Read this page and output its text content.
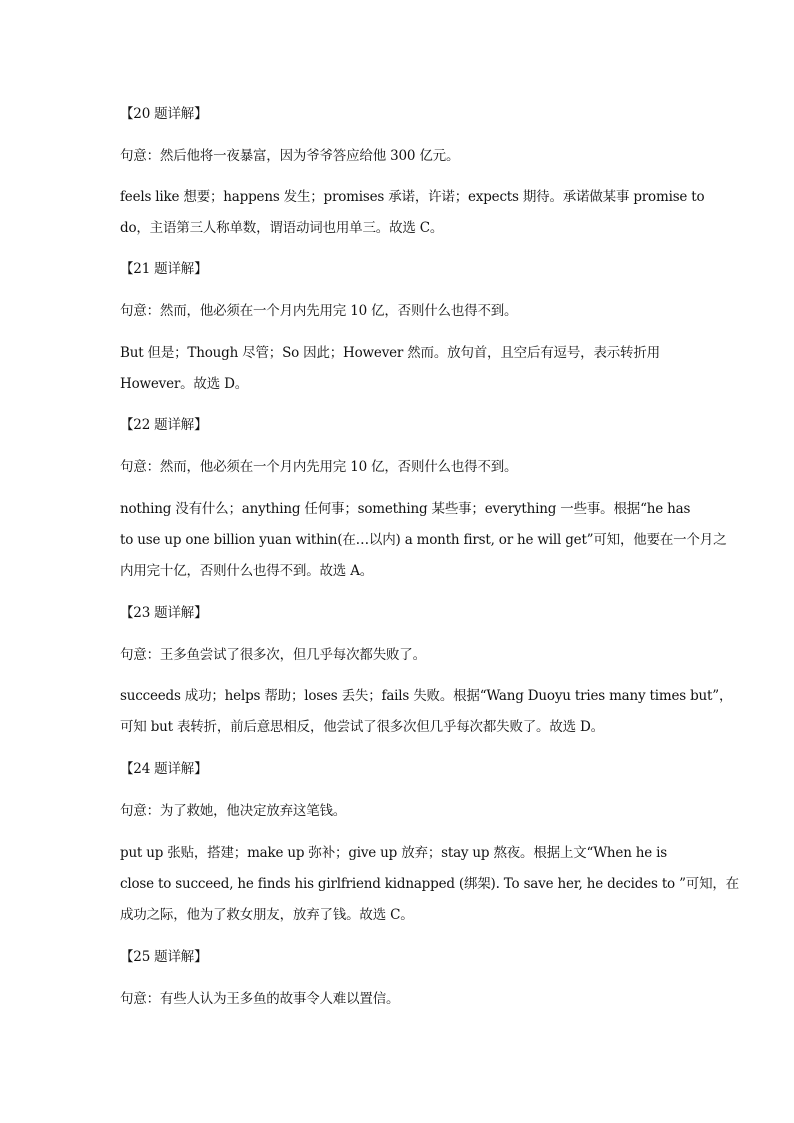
【20 题详解】
句意：然后他将一夜暴富，因为爷爷答应给他 300 亿元。
feels like 想要；happens 发生；promises 承诺，许诺；expects 期待。承诺做某事 promise to
do，主语第三人称单数，谓语动词也用单三。故选 C。
【21 题详解】
句意：然而，他必须在一个月内先用完 10 亿，否则什么也得不到。
But 但是；Though 尽管；So 因此；However 然而。放句首，且空后有逗号，表示转折用
However。故选 D。
【22 题详解】
句意：然而，他必须在一个月内先用完 10 亿，否则什么也得不到。
nothing 没有什么；anything 任何事；something 某些事；everything 一些事。根据“he has
to use up one billion yuan within(在…以内) a month first, or he will get”可知，他要在一个月之
内用完十亿，否则什么也得不到。故选 A。
【23 题详解】
句意：王多鱼尝试了很多次，但几乎每次都失败了。
succeeds 成功；helps 帮助；loses 丢失；fails 失败。根据“Wang Duoyu tries many times but”，
可知 but 表转折，前后意思相反，他尝试了很多次但几乎每次都失败了。故选 D。
【24 题详解】
句意：为了救她，他决定放弃这笔钱。
put up 张贴，搭建；make up 弥补；give up 放弃；stay up 熬夜。根据上文“When he is
close to succeed, he finds his girlfriend kidnapped (绑架). To save her, he decides to ”可知，在
成功之际，他为了救女朋友，放弃了钱。故选 C。
【25 题详解】
句意：有些人认为王多鱼的故事令人难以置信。
